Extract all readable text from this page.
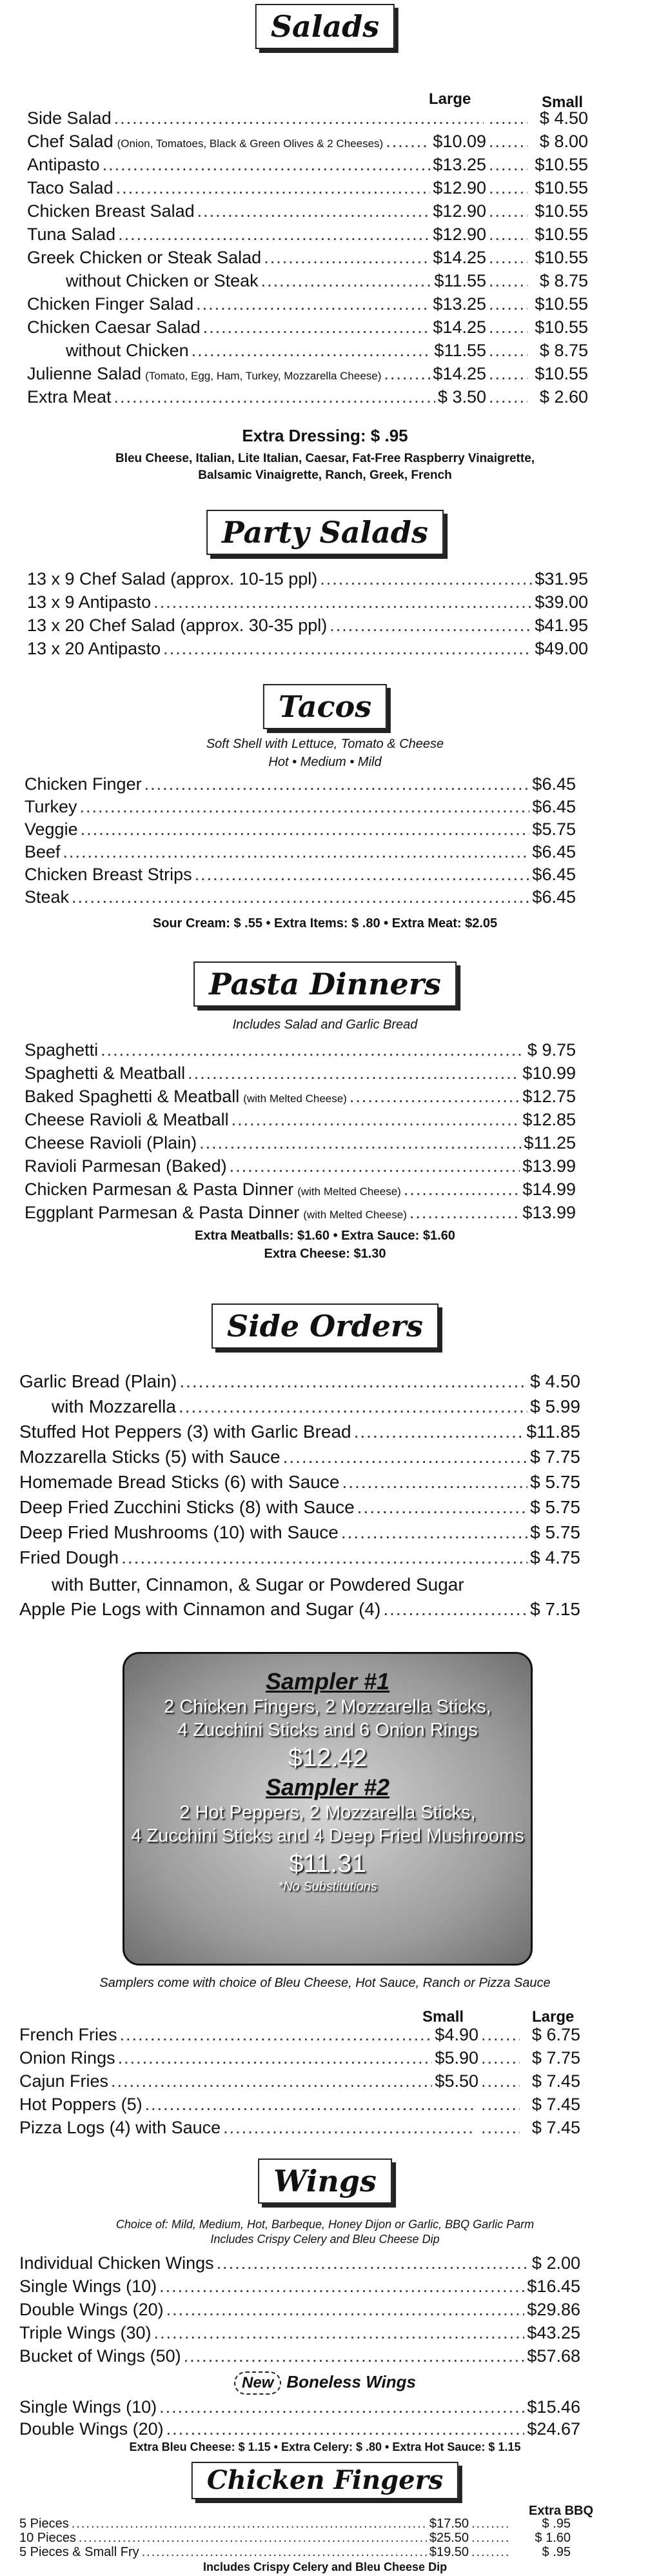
Salads
Large	Small
Side Salad ..... .....	$ 4.50
Chef Salad (Onion, Tomatoes, Black & Green Olives & 2 Cheeses) .....	$10.09 .....	$ 8.00
Antipasto .....	$13.25 .....	$10.55
Taco Salad .....	$12.90 .....	$10.55
Chicken Breast Salad .....	$12.90 .....	$10.55
Tuna Salad .....	$12.90 .....	$10.55
Greek Chicken or Steak Salad .....	$14.25 .....	$10.55
without Chicken or Steak .....	$11.55 .....	$ 8.75
Chicken Finger Salad .....	$13.25 .....	$10.55
Chicken Caesar Salad .....	$14.25 .....	$10.55
without Chicken .....	$11.55 .....	$ 8.75
Julienne Salad (Tomato, Egg, Ham, Turkey, Mozzarella Cheese) .....	$14.25 .....	$10.55
Extra Meat .....	$ 3.50 .....	$ 2.60
Extra Dressing: $ .95
Bleu Cheese, Italian, Lite Italian, Caesar, Fat-Free Raspberry Vinaigrette,
Balsamic Vinaigrette, Ranch, Greek, French
Party Salads
13 x 9 Chef Salad (approx. 10-15 ppl) .....	$31.95
13 x 9 Antipasto .....	$39.00
13 x 20 Chef Salad (approx. 30-35 ppl) .....	$41.95
13 x 20 Antipasto .....	$49.00
Tacos
Soft Shell with Lettuce, Tomato & Cheese
Hot • Medium • Mild
Chicken Finger .....	$6.45
Turkey .....	$6.45
Veggie .....	$5.75
Beef .....	$6.45
Chicken Breast Strips .....	$6.45
Steak .....	$6.45
Sour Cream: $ .55 • Extra Items: $ .80 • Extra Meat: $2.05
Pasta Dinners
Includes Salad and Garlic Bread
Spaghetti .....	$ 9.75
Spaghetti & Meatball .....	$10.99
Baked Spaghetti & Meatball (with Melted Cheese) .....	$12.75
Cheese Ravioli & Meatball .....	$12.85
Cheese Ravioli (Plain) .....	$11.25
Ravioli Parmesan (Baked) .....	$13.99
Chicken Parmesan & Pasta Dinner (with Melted Cheese) .....	$14.99
Eggplant Parmesan & Pasta Dinner (with Melted Cheese) .....	$13.99
Extra Meatballs: $1.60 • Extra Sauce: $1.60
Extra Cheese: $1.30
Side Orders
Garlic Bread (Plain) .....	$ 4.50
with Mozzarella .....	$ 5.99
Stuffed Hot Peppers (3) with Garlic Bread .....	$11.85
Mozzarella Sticks (5) with Sauce .....	$ 7.75
Homemade Bread Sticks (6) with Sauce .....	$ 5.75
Deep Fried Zucchini Sticks (8) with Sauce .....	$ 5.75
Deep Fried Mushrooms (10) with Sauce .....	$ 5.75
Fried Dough .....	$ 4.75
with Butter, Cinnamon, & Sugar or Powdered Sugar
Apple Pie Logs with Cinnamon and Sugar (4) .....	$ 7.15
Sampler #1
2 Chicken Fingers, 2 Mozzarella Sticks,
4 Zucchini Sticks and 6 Onion Rings
$12.42
Sampler #2
2 Hot Peppers, 2 Mozzarella Sticks,
4 Zucchini Sticks and 4 Deep Fried Mushrooms
$11.31
*No Substitutions
Samplers come with choice of Bleu Cheese, Hot Sauce, Ranch or Pizza Sauce
Small	Large
French Fries .....	$4.90 .....	$ 6.75
Onion Rings .....	$5.90 .....	$ 7.75
Cajun Fries .....	$5.50 .....	$ 7.45
Hot Poppers (5) ..... .....	$ 7.45
Pizza Logs (4) with Sauce ..... .....	$ 7.45
Wings
Choice of: Mild, Medium, Hot, Barbeque, Honey Dijon or Garlic, BBQ Garlic Parm
Includes Crispy Celery and Bleu Cheese Dip
Individual Chicken Wings .....	$ 2.00
Single Wings (10) .....	$16.45
Double Wings (20) .....	$29.86
Triple Wings (30) .....	$43.25
Bucket of Wings (50) .....	$57.68
New Boneless Wings
Single Wings (10) .....	$15.46
Double Wings (20) .....	$24.67
Extra Bleu Cheese: $ 1.15 • Extra Celery: $ .80 • Extra Hot Sauce: $ 1.15
Chicken Fingers
Extra BBQ
5 Pieces .....	$17.50 .....	$ .95
10 Pieces .....	$25.50 .....	$ 1.60
5 Pieces & Small Fry .....	$19.50 .....	$ .95
Includes Crispy Celery and Bleu Cheese Dip
